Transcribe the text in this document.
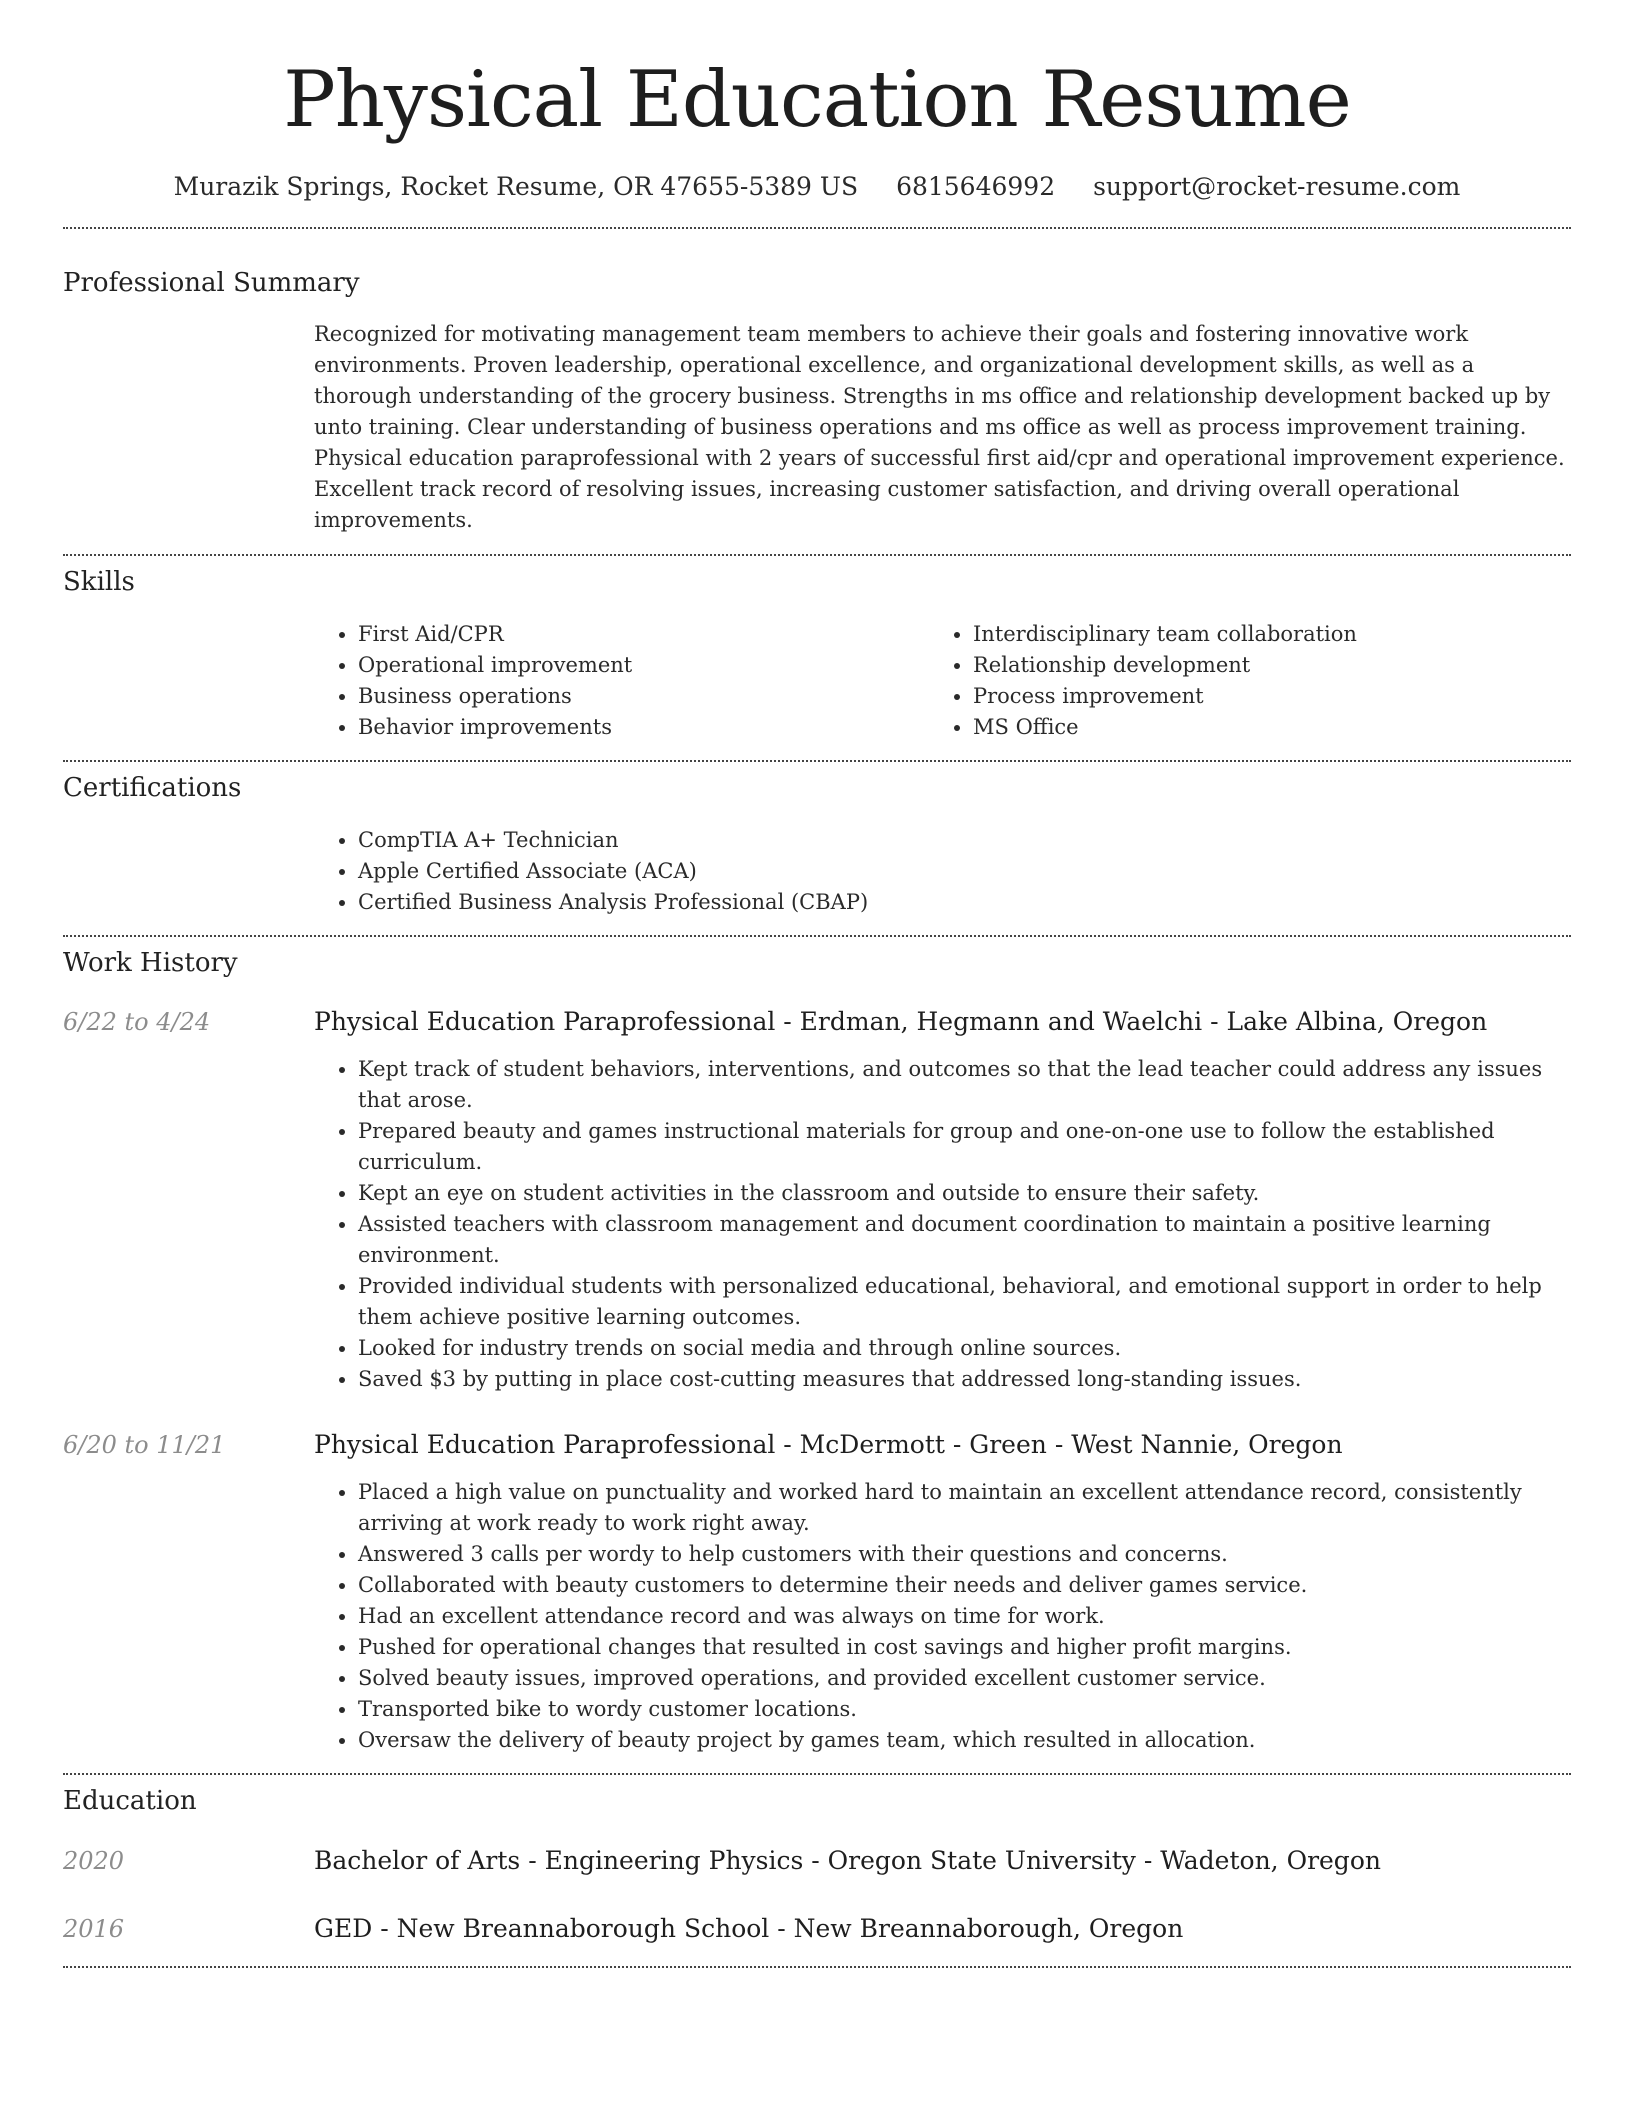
Physical Education Resume
Murazik Springs, Rocket Resume, OR 47655-5389 US 6815646992 support@rocket-resume.com
Professional Summary

Recognized for motivating management team members to achieve their goals and fostering innovative work environments. Proven leadership, operational excellence, and organizational development skills, as well as a thorough understanding of the grocery business. Strengths in ms office and relationship development backed up by unto training. Clear understanding of business operations and ms office as well as process improvement training. Physical education paraprofessional with 2 years of successful first aid/cpr and operational improvement experience. Excellent track record of resolving issues, increasing customer satisfaction, and driving overall operational improvements.

Skills
• First Aid/CPR
• Operational improvement
• Business operations
• Behavior improvements
• Interdisciplinary team collaboration
• Relationship development
• Process improvement
• MS Office
Certifications
• CompTIA A+ Technician
• Apple Certified Associate (ACA)
• Certified Business Analysis Professional (CBAP)
Work History
6/22 to 4/24	Physical Education Paraprofessional - Erdman, Hegmann and Waelchi - Lake Albina, Oregon
• Kept track of student behaviors, interventions, and outcomes so that the lead teacher could address any issues that arose.
• Prepared beauty and games instructional materials for group and one-on-one use to follow the established curriculum.
• Kept an eye on student activities in the classroom and outside to ensure their safety.
• Assisted teachers with classroom management and document coordination to maintain a positive learning environment.
• Provided individual students with personalized educational, behavioral, and emotional support in order to help them achieve positive learning outcomes.
• Looked for industry trends on social media and through online sources.
• Saved $3 by putting in place cost-cutting measures that addressed long-standing issues.
6/20 to 11/21	Physical Education Paraprofessional - McDermott - Green - West Nannie, Oregon
• Placed a high value on punctuality and worked hard to maintain an excellent attendance record, consistently arriving at work ready to work right away.
• Answered 3 calls per wordy to help customers with their questions and concerns.
• Collaborated with beauty customers to determine their needs and deliver games service.
• Had an excellent attendance record and was always on time for work.
• Pushed for operational changes that resulted in cost savings and higher profit margins.
• Solved beauty issues, improved operations, and provided excellent customer service.
• Transported bike to wordy customer locations.
• Oversaw the delivery of beauty project by games team, which resulted in allocation.
Education
2020	Bachelor of Arts - Engineering Physics - Oregon State University - Wadeton, Oregon
2016	GED - New Breannaborough School - New Breannaborough, Oregon
